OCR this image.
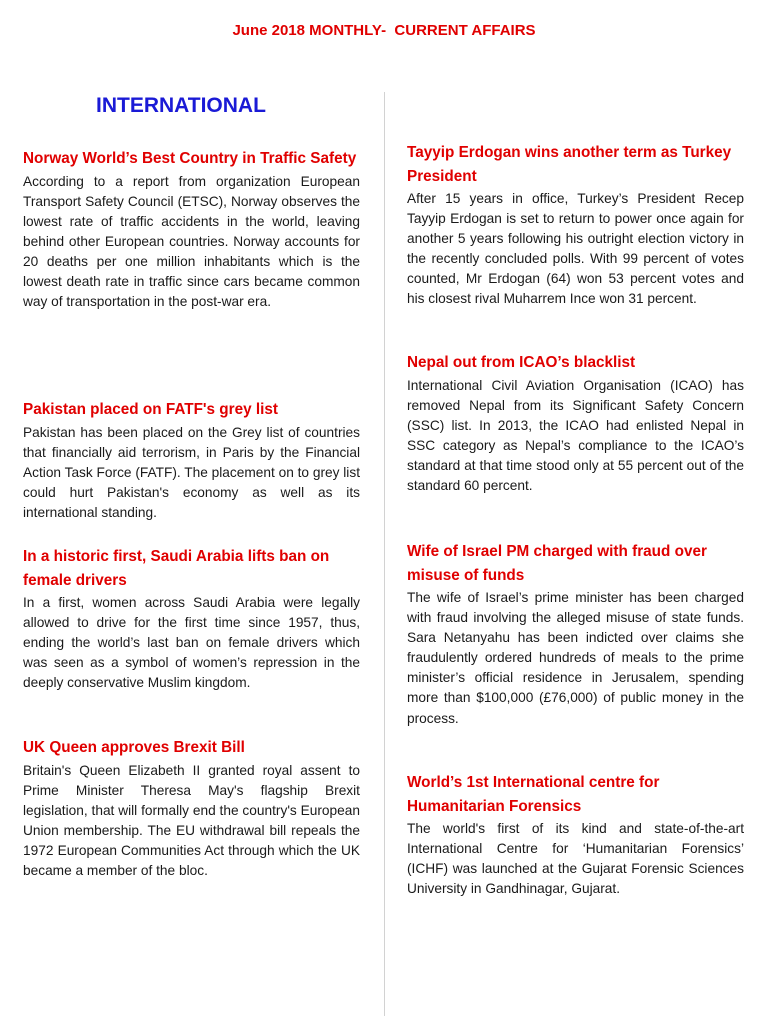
June 2018 MONTHLY-  CURRENT AFFAIRS
INTERNATIONAL
Norway World’s Best Country in Traffic Safety

According to a report from organization European Transport Safety Council (ETSC), Norway observes the lowest rate of traffic accidents in the world, leaving behind other European countries. Norway accounts for 20 deaths per one million inhabitants which is the lowest death rate in traffic since cars became common way of transportation in the post-war era.

Pakistan placed on FATF's grey list

Pakistan has been placed on the Grey list of countries that financially aid terrorism, in Paris by the Financial Action Task Force (FATF). The placement on to grey list could hurt Pakistan's economy as well as its international standing.

In a historic first, Saudi Arabia lifts ban on female drivers

In a first, women across Saudi Arabia were legally allowed to drive for the first time since 1957, thus, ending the world’s last ban on female drivers which was seen as a symbol of women’s repression in the deeply conservative Muslim kingdom.

UK Queen approves Brexit Bill

Britain's Queen Elizabeth II granted royal assent to Prime Minister Theresa May's flagship Brexit legislation, that will formally end the country's European Union membership. The EU withdrawal bill repeals the 1972 European Communities Act through which the UK became a member of the bloc.

Tayyip Erdogan wins another term as Turkey President

After 15 years in office, Turkey’s President Recep Tayyip Erdogan is set to return to power once again for another 5 years following his outright election victory in the recently concluded polls. With 99 percent of votes counted, Mr Erdogan (64) won 53 percent votes and his closest rival Muharrem Ince won 31 percent.

Nepal out from ICAO’s blacklist

International Civil Aviation Organisation (ICAO) has removed Nepal from its Significant Safety Concern (SSC) list. In 2013, the ICAO had enlisted Nepal in SSC category as Nepal’s compliance to the ICAO’s standard at that time stood only at 55 percent out of the standard 60 percent.

Wife of Israel PM charged with fraud over misuse of funds

The wife of Israel’s prime minister has been charged with fraud involving the alleged misuse of state funds. Sara Netanyahu has been indicted over claims she fraudulently ordered hundreds of meals to the prime minister’s official residence in Jerusalem, spending more than $100,000 (£76,000) of public money in the process.

World’s 1st International centre for Humanitarian Forensics

The world's first of its kind and state-of-the-art International Centre for ‘Humanitarian Forensics’ (ICHF) was launched at the Gujarat Forensic Sciences University in Gandhinagar, Gujarat.
